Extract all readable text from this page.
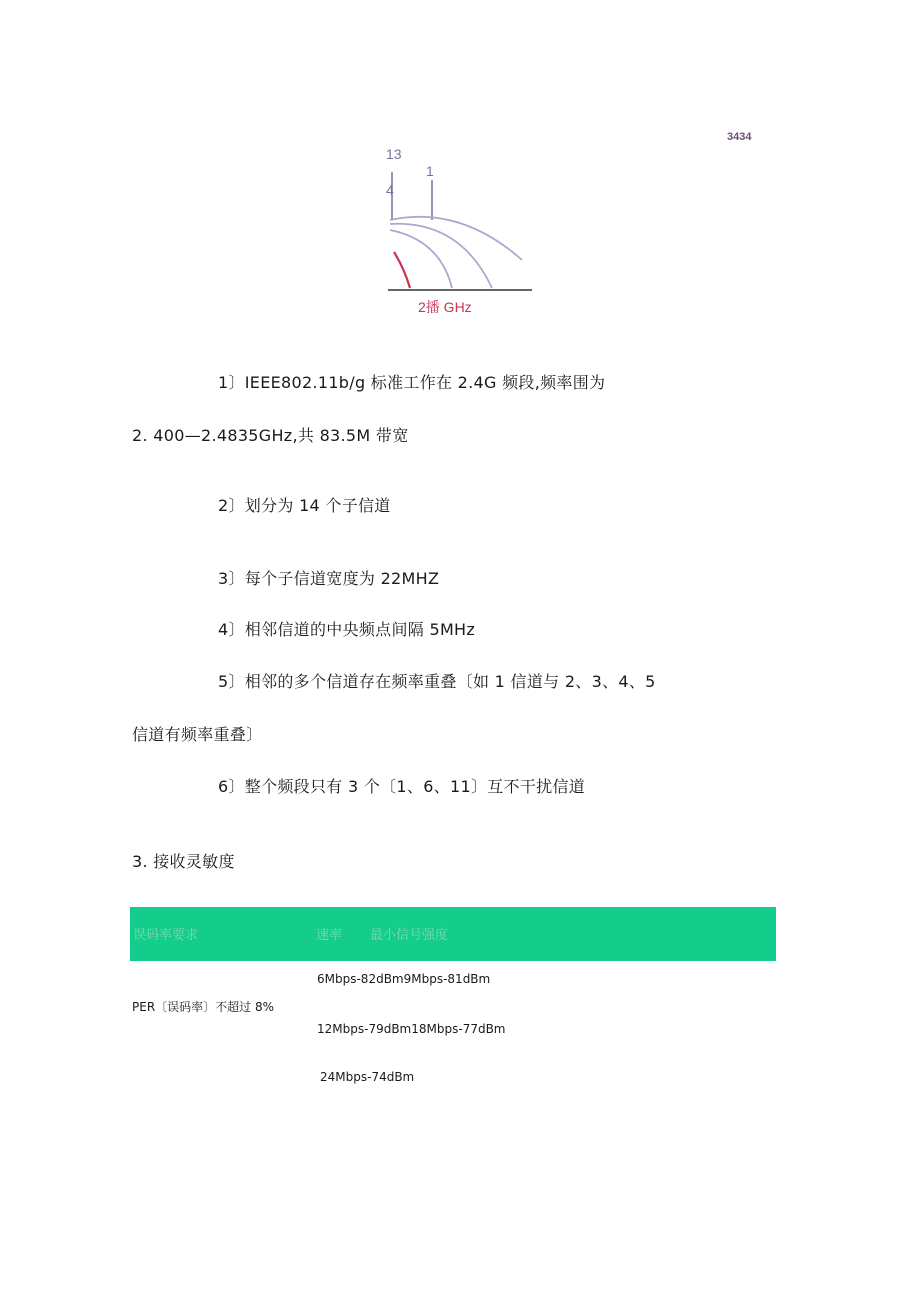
3434
13
4
1
2播 GHz
1〕IEEE802.11b/g 标准工作在 2.4G 频段,频率围为
2. 400—2.4835GHz,共 83.5M 带宽
2〕划分为 14 个子信道
3〕每个子信道宽度为 22MHZ
4〕相邻信道的中央频点间隔 5MHz
5〕相邻的多个信道存在频率重叠〔如 1 信道与 2、3、4、5
信道有频率重叠〕
6〕整个频段只有 3 个〔1、6、11〕互不干扰信道
3. 接收灵敏度
误码率要求	速率 最小信号强度
PER〔误码率〕不超过 8%
6Mbps-82dBm9Mbps-81dBm
12Mbps-79dBm18Mbps-77dBm
24Mbps-74dBm
